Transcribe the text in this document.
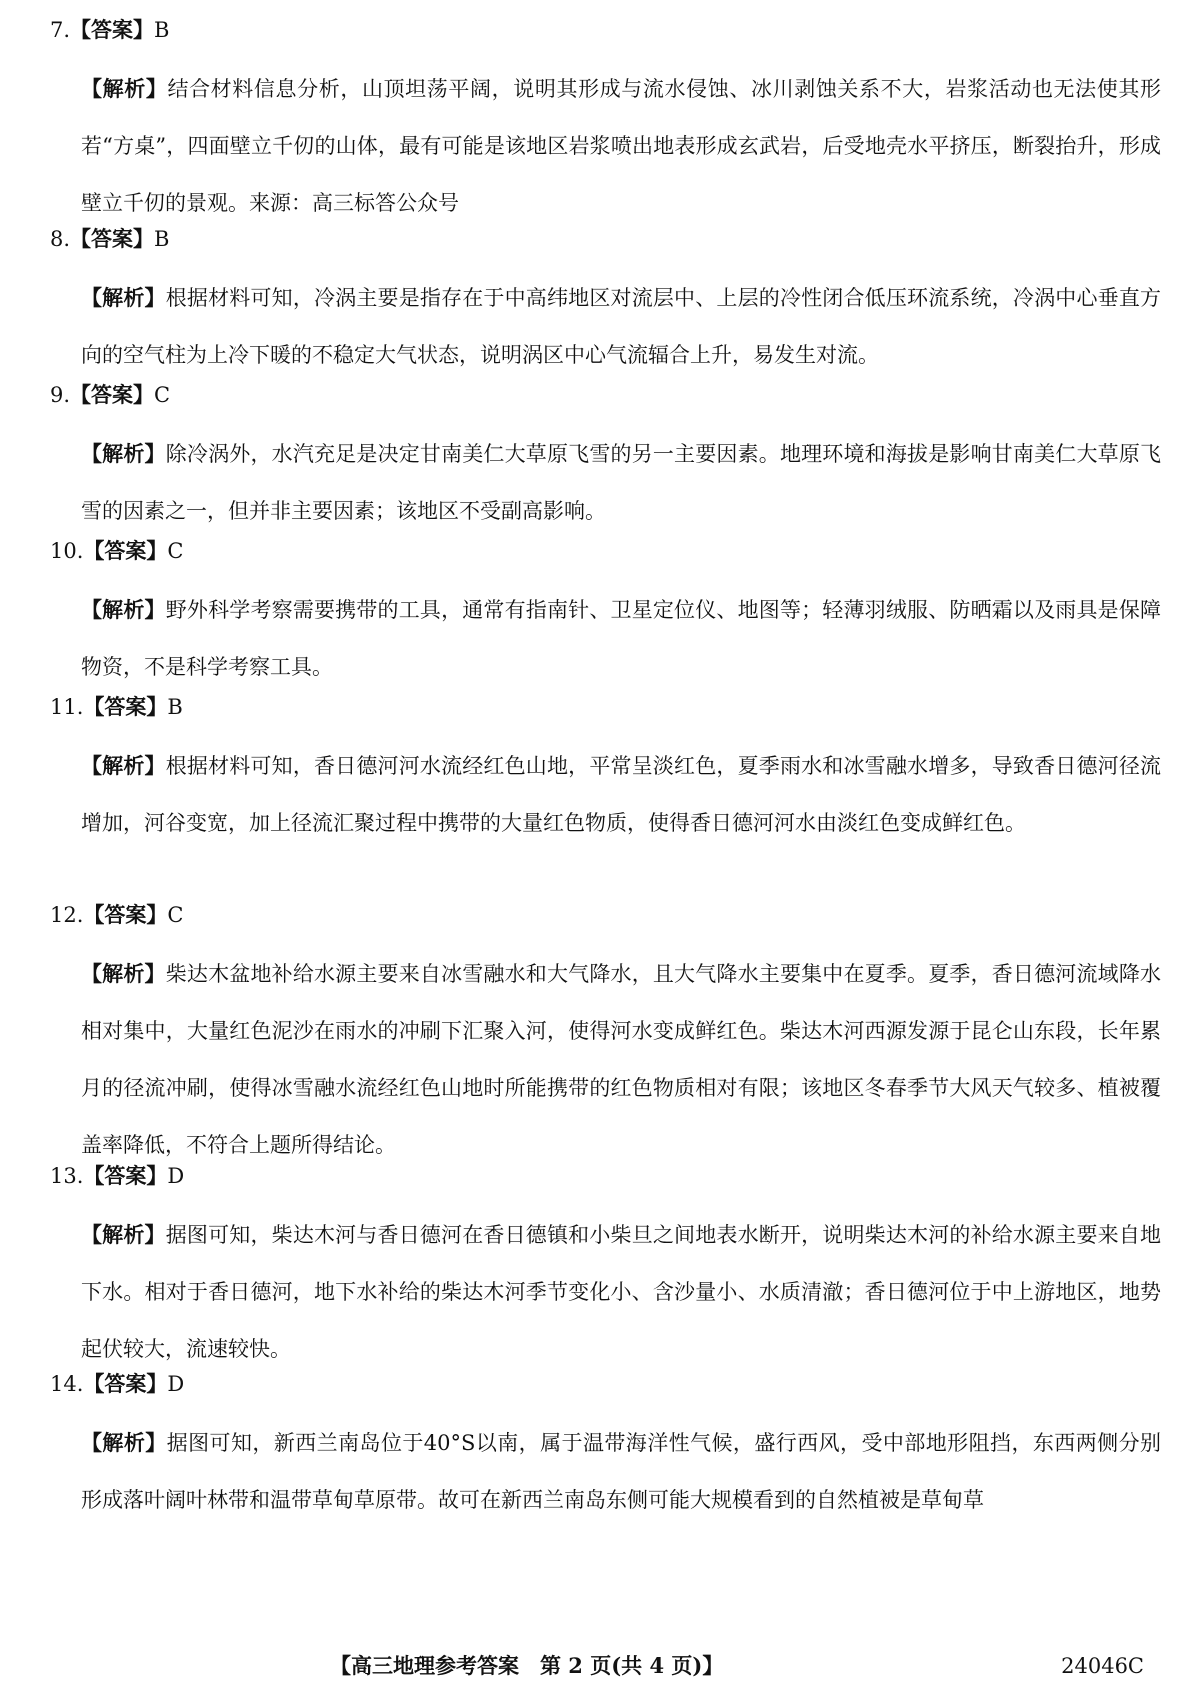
7.【答案】B
【解析】结合材料信息分析，山顶坦荡平阔，说明其形成与流水侵蚀、冰川剥蚀关系不大，岩浆活动也无法使其形若“方桌”，四面壁立千仞的山体，最有可能是该地区岩浆喷出地表形成玄武岩，后受地壳水平挤压，断裂抬升，形成壁立千仞的景观。来源：高三标答公众号
8.【答案】B
【解析】根据材料可知，冷涡主要是指存在于中高纬地区对流层中、上层的冷性闭合低压环流系统，冷涡中心垂直方向的空气柱为上冷下暖的不稳定大气状态，说明涡区中心气流辐合上升，易发生对流。
9.【答案】C
【解析】除冷涡外，水汽充足是决定甘南美仁大草原飞雪的另一主要因素。地理环境和海拔是影响甘南美仁大草原飞雪的因素之一，但并非主要因素；该地区不受副高影响。
10.【答案】C
【解析】野外科学考察需要携带的工具，通常有指南针、卫星定位仪、地图等；轻薄羽绒服、防晒霜以及雨具是保障物资，不是科学考察工具。
11.【答案】B
【解析】根据材料可知，香日德河河水流经红色山地，平常呈淡红色，夏季雨水和冰雪融水增多，导致香日德河径流增加，河谷变宽，加上径流汇聚过程中携带的大量红色物质，使得香日德河河水由淡红色变成鲜红色。
12.【答案】C
【解析】柴达木盆地补给水源主要来自冰雪融水和大气降水，且大气降水主要集中在夏季。夏季，香日德河流域降水相对集中，大量红色泥沙在雨水的冲刷下汇聚入河，使得河水变成鲜红色。柴达木河西源发源于昆仑山东段，长年累月的径流冲刷，使得冰雪融水流经红色山地时所能携带的红色物质相对有限；该地区冬春季节大风天气较多、植被覆盖率降低，不符合上题所得结论。
13.【答案】D
【解析】据图可知，柴达木河与香日德河在香日德镇和小柴旦之间地表水断开，说明柴达木河的补给水源主要来自地下水。相对于香日德河，地下水补给的柴达木河季节变化小、含沙量小、水质清澈；香日德河位于中上游地区，地势起伏较大，流速较快。
14.【答案】D
【解析】据图可知，新西兰南岛位于40°S以南，属于温带海洋性气候，盛行西风，受中部地形阻挡，东西两侧分别形成落叶阔叶林带和温带草甸草原带。故可在新西兰南岛东侧可能大规模看到的自然植被是草甸草
【高三地理参考答案　第 2 页(共 4 页)】	24046C
